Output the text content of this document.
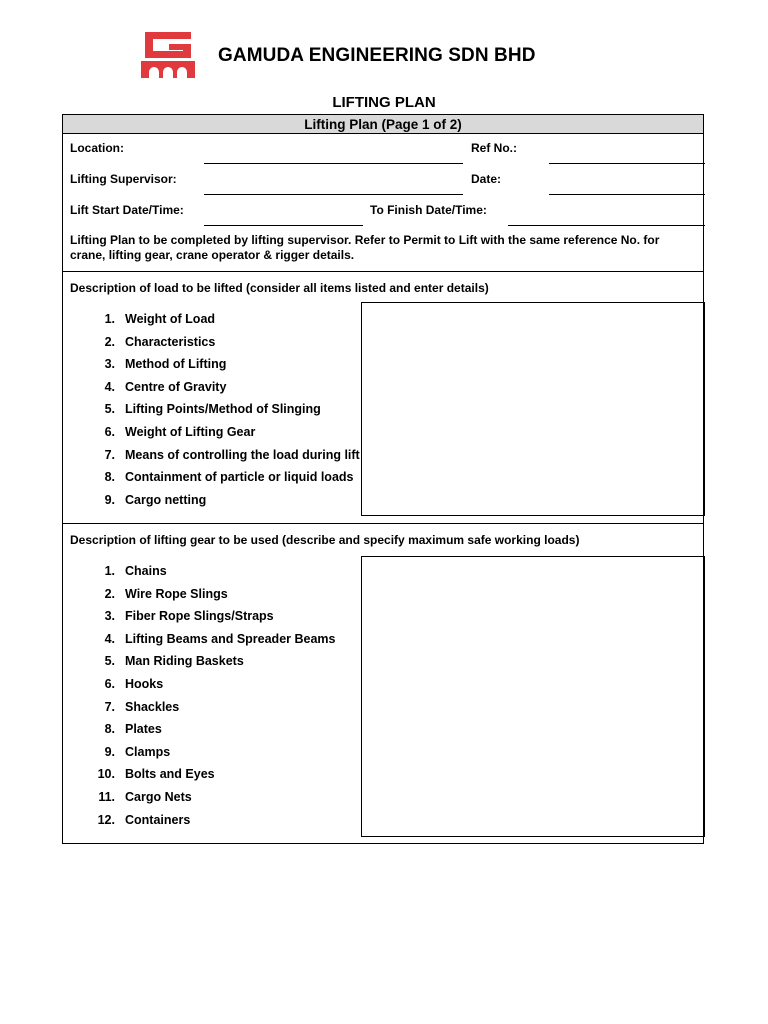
GAMUDA ENGINEERING SDN BHD
LIFTING PLAN
Lifting Plan (Page 1 of 2)
Location:	Ref No.:
Lifting Supervisor:	Date:
Lift Start Date/Time:	To Finish Date/Time:
Lifting Plan to be completed by lifting supervisor. Refer to Permit to Lift with the same reference No. for crane, lifting gear, crane operator & rigger details.
Description of load to be lifted (consider all items listed and enter details)
1. Weight of Load
2. Characteristics
3. Method of Lifting
4. Centre of Gravity
5. Lifting Points/Method of Slinging
6. Weight of Lifting Gear
7. Means of controlling the load during lift
8. Containment of particle or liquid loads
9. Cargo netting
Description of lifting gear to be used (describe and specify maximum safe working loads)
1. Chains
2. Wire Rope Slings
3. Fiber Rope Slings/Straps
4. Lifting Beams and Spreader Beams
5. Man Riding Baskets
6. Hooks
7. Shackles
8. Plates
9. Clamps
10. Bolts and Eyes
11. Cargo Nets
12. Containers
